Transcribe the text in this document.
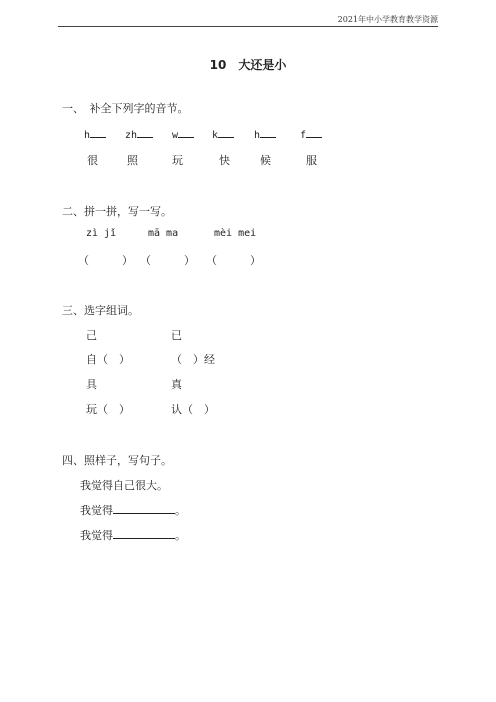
2021年中小学教育教学资源
10　大还是小
一、　补全下列字的音节。
h	zh	w	k	h	f
很	照	玩	快	候	服
二、拼一拼，写一写。
zì jǐ	mā ma	mèi mei
（　　　） （　　　） （　　　）
三、选字组词。
己	已
自（　）	（　）经
具	真
玩（　）	认（　）
四、照样子，写句子。
我觉得自己很大。
我觉得	。
我觉得	。
